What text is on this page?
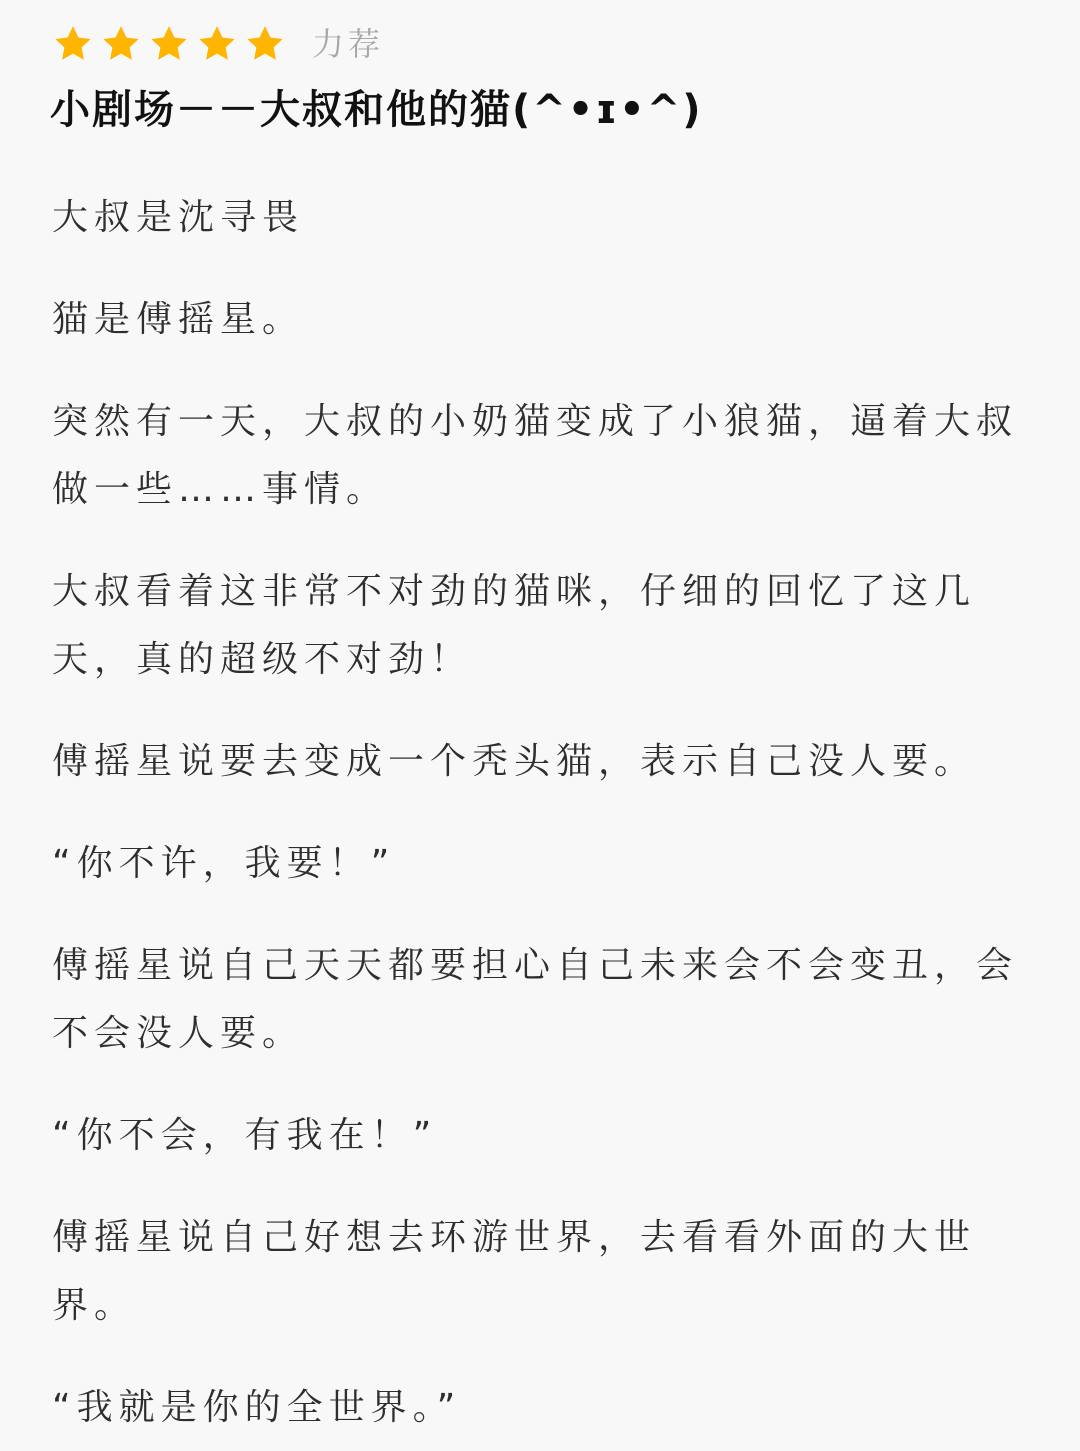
力荐
小剧场－－大叔和他的猫(^•ɪ•^)

大叔是沈寻畏

猫是傅摇星。

突然有一天，大叔的小奶猫变成了小狼猫，逼着大叔做一些……事情。

大叔看着这非常不对劲的猫咪，仔细的回忆了这几天，真的超级不对劲！

傅摇星说要去变成一个秃头猫，表示自己没人要。

“你不许，我要！”

傅摇星说自己天天都要担心自己未来会不会变丑，会不会没人要。

“你不会，有我在！”

傅摇星说自己好想去环游世界，去看看外面的大世界。

“我就是你的全世界。”
